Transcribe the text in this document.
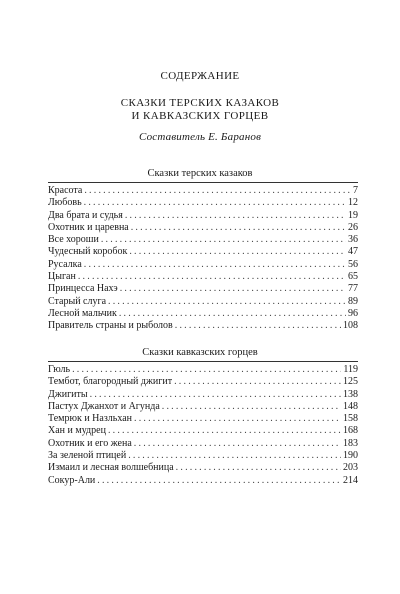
СОДЕРЖАНИЕ
СКАЗКИ ТЕРСКИХ КАЗАКОВ
И КАВКАЗСКИХ ГОРЦЕВ
Составитель Е. Баранов
Сказки терских казаков
Красота .....	7
Любовь .....	12
Два брата и судья .....	19
Охотник и царевна .....	26
Все хороши .....	36
Чудесный коробок .....	47
Русалка .....	56
Цыган .....	65
Принцесса Нахэ .....	77
Старый слуга .....	89
Лесной мальчик .....	96
Правитель страны и рыболов .....	108
Сказки кавказских горцев
Гюль .....	119
Тембот, благородный джигит .....	125
Джигиты .....	138
Пастух Джанхот и Агунда .....	148
Темрюк и Назльхан .....	158
Хан и мудрец .....	168
Охотник и его жена .....	183
За зеленой птицей .....	190
Измаил и лесная волшебница .....	203
Сокур-Али .....	214
